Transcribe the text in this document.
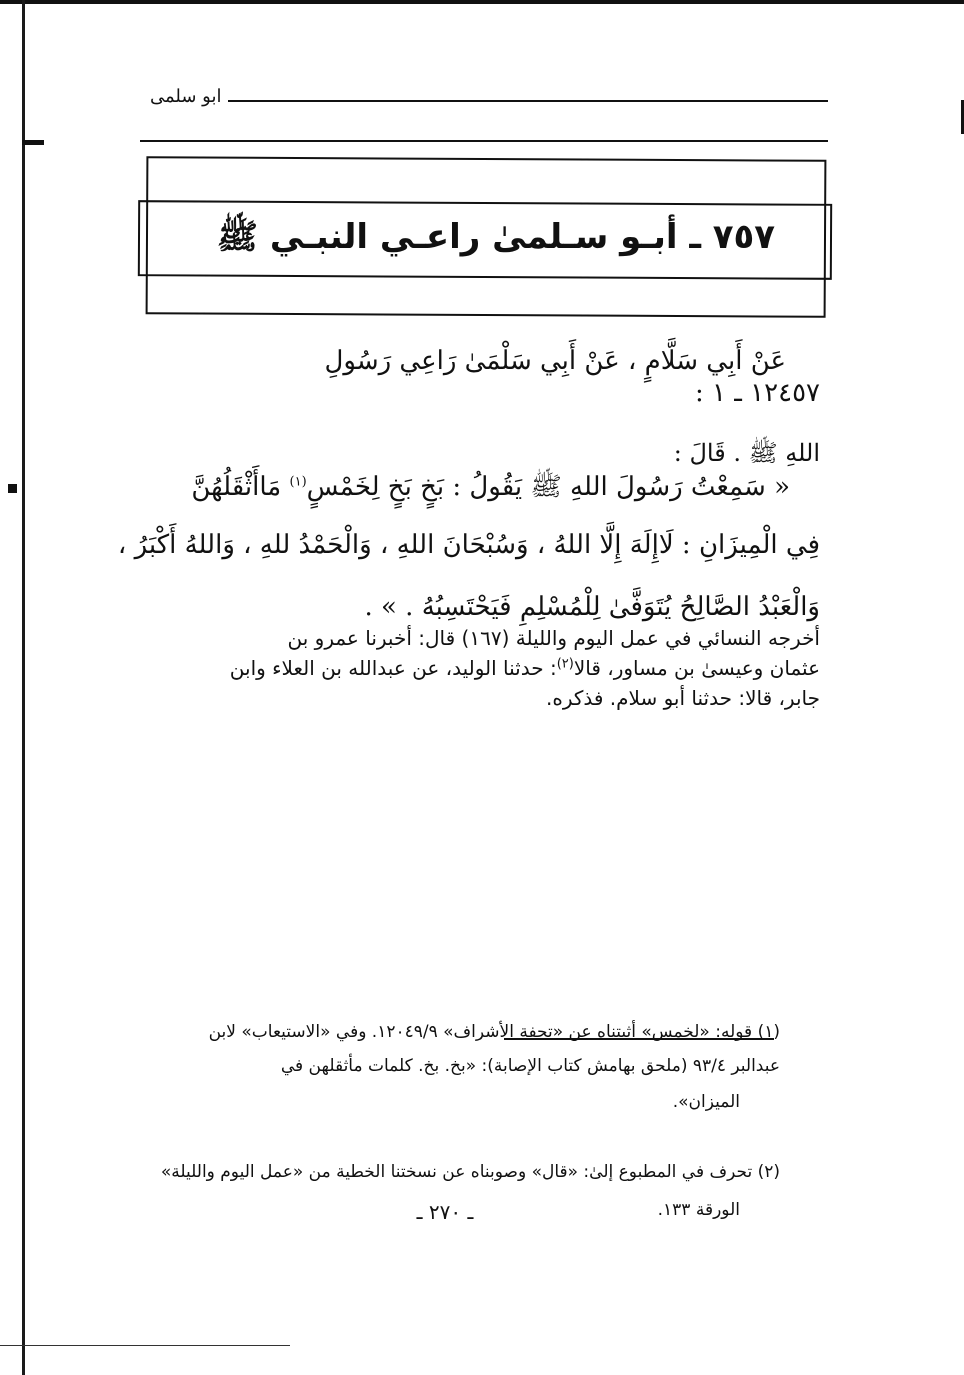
ابو سلمى
٧٥٧ ـ أبـو سـلمىٰ راعـي النبـي ﷺ
عَنْ أَبِي سَلَّامٍ ، عَنْ أَبِي سَلْمَىٰ رَاعِي رَسُولِ
١٢٤٥٧ ـ ١ :
اللهِ ﷺ . قَالَ :
« سَمِعْتُ رَسُولَ اللهِ ﷺ يَقُولُ : بَخٍ بَخٍ لِخَمْسٍ$^{(١)}$ مَاأَثْقَلُهُنَّ
فِي الْمِيزَانِ : لَاإِلَهَ إِلَّا اللهُ ، وَسُبْحَانَ اللهِ ، وَالْحَمْدُ للهِ ، وَاللهُ أَكْبَرُ ،
وَالْعَبْدُ الصَّالِحُ يُتَوَفَّىٰ لِلْمُسْلِمِ فَيَحْتَسِبُهُ . » .
أخرجه النسائي في عمل اليوم والليلة (١٦٧) قال: أخبرنا عمرو بن
عثمان وعيسىٰ بن مساور، قالا$^{(٢)}$: حدثنا الوليد، عن عبدالله بن العلاء وابن
جابر، قالا: حدثنا أبو سلام. فذكره.
(١) قوله: «لخمس» أثبتناه عن «تحفة الأشراف» ١٢٠٤٩/٩. وفي «الاستيعاب» لابن
عبدالبر ٩٣/٤ (ملحق بهامش كتاب الإصابة): «بخ. بخ. كلمات مأثقلهن في
الميزان».
(٢) تحرف في المطبوع إلىٰ: «قال» وصوبناه عن نسختنا الخطية من «عمل اليوم والليلة»
الورقة ١٣٣.
ـ ٢٧٠ ـ
